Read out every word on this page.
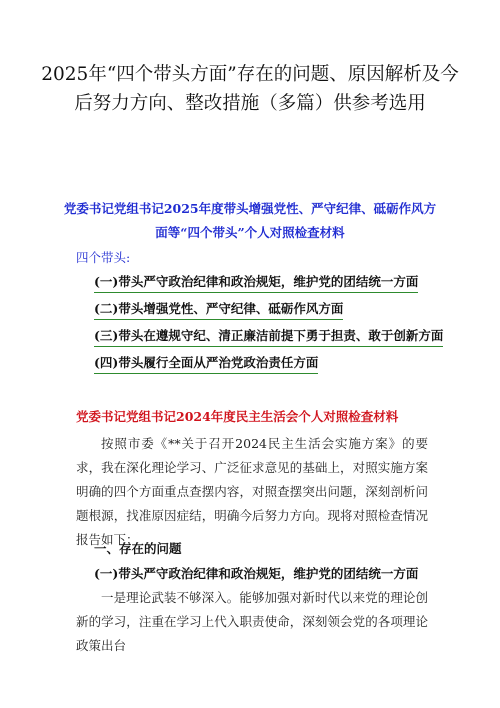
2025年“四个带头方面”存在的问题、原因解析及今后努力方向、整改措施（多篇）供参考选用
党委书记党组书记2025年度带头增强党性、严守纪律、砥砺作风方面等“四个带头”个人对照检查材料
四个带头:
(一)带头严守政治纪律和政治规矩，维护党的团结统一方面
(二)带头增强党性、严守纪律、砥砺作风方面
(三)带头在遵规守纪、清正廉洁前提下勇于担责、敢于创新方面
(四)带头履行全面从严治党政治责任方面
党委书记党组书记2024年度民主生活会个人对照检查材料
按照市委《**关于召开2024民主生活会实施方案》的要求，我在深化理论学习、广泛征求意见的基础上，对照实施方案明确的四个方面重点查摆内容，对照查摆突出问题，深刻剖析问题根源，找准原因症结，明确今后努力方向。现将对照检查情况报告如下：
一、存在的问题
(一)带头严守政治纪律和政治规矩，维护党的团结统一方面
一是理论武装不够深入。能够加强对新时代以来党的理论创新的学习，注重在学习上代入职责使命，深刻领会党的各项理论政策出台
